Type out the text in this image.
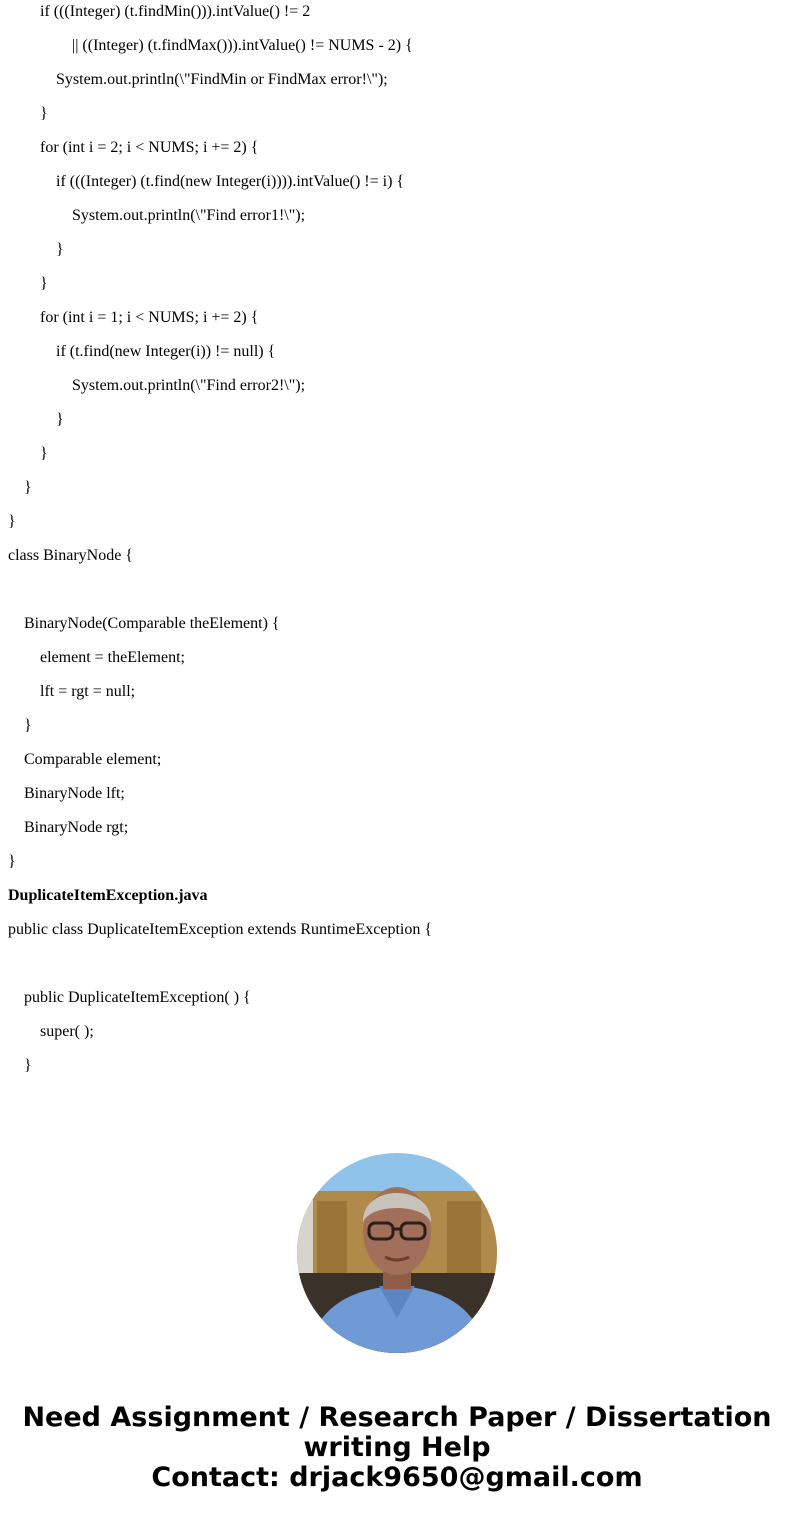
if (((Integer) (t.findMin())).intValue() != 2
|| ((Integer) (t.findMax())).intValue() != NUMS - 2) {
System.out.println(\"FindMin or FindMax error!\");
}
for (int i = 2; i < NUMS; i += 2) {
if (((Integer) (t.find(new Integer(i)))).intValue() != i) {
System.out.println(\"Find error1!\");
}
}
for (int i = 1; i < NUMS; i += 2) {
if (t.find(new Integer(i)) != null) {
System.out.println(\"Find error2!\");
}
}
}
}
class BinaryNode {
BinaryNode(Comparable theElement) {
element = theElement;
lft = rgt = null;
}
Comparable element;
BinaryNode lft;
BinaryNode rgt;
}
DuplicateItemException.java
public class DuplicateItemException extends RuntimeException {
public DuplicateItemException( ) {
super( );
}
Need Assignment / Research Paper / Dissertation
writing Help
Contact: drjack9650@gmail.com
